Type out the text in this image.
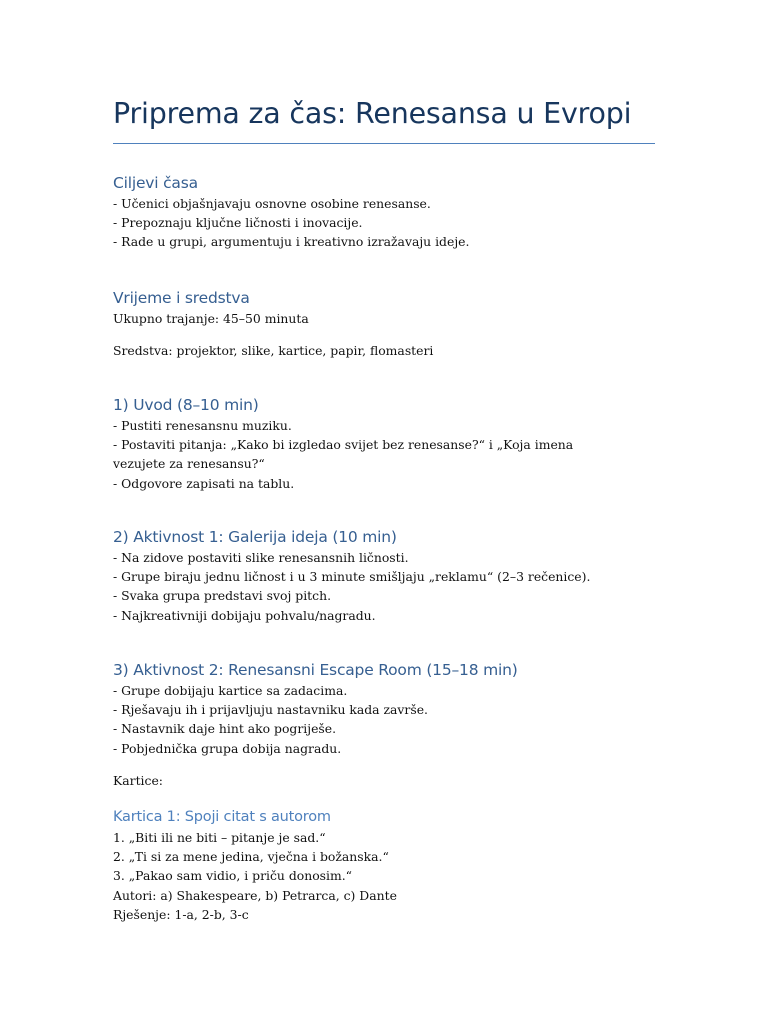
Priprema za čas: Renesansa u Evropi
Ciljevi časa

- Učenici objašnjavaju osnovne osobine renesanse.

- Prepoznaju ključne ličnosti i inovacije.

- Rade u grupi, argumentuju i kreativno izražavaju ideje.

Vrijeme i sredstva

Ukupno trajanje: 45–50 minuta

Sredstva: projektor, slike, kartice, papir, flomasteri

1) Uvod (8–10 min)

- Pustiti renesansnu muziku.

- Postaviti pitanja: „Kako bi izgledao svijet bez renesanse?“ i „Koja imena vezujete za renesansu?“

- Odgovore zapisati na tablu.

2) Aktivnost 1: Galerija ideja (10 min)

- Na zidove postaviti slike renesansnih ličnosti.

- Grupe biraju jednu ličnost i u 3 minute smišljaju „reklamu“ (2–3 rečenice).

- Svaka grupa predstavi svoj pitch.

- Najkreativniji dobijaju pohvalu/nagradu.

3) Aktivnost 2: Renesansni Escape Room (15–18 min)

- Grupe dobijaju kartice sa zadacima.

- Rješavaju ih i prijavljuju nastavniku kada završe.

- Nastavnik daje hint ako pogriješe.

- Pobjednička grupa dobija nagradu.

Kartice:

Kartica 1: Spoji citat s autorom

1. „Biti ili ne biti – pitanje je sad.“

2. „Ti si za mene jedina, vječna i božanska.“

3. „Pakao sam vidio, i priču donosim.“

Autori: a) Shakespeare, b) Petrarca, c) Dante

Rješenje: 1-a, 2-b, 3-c
